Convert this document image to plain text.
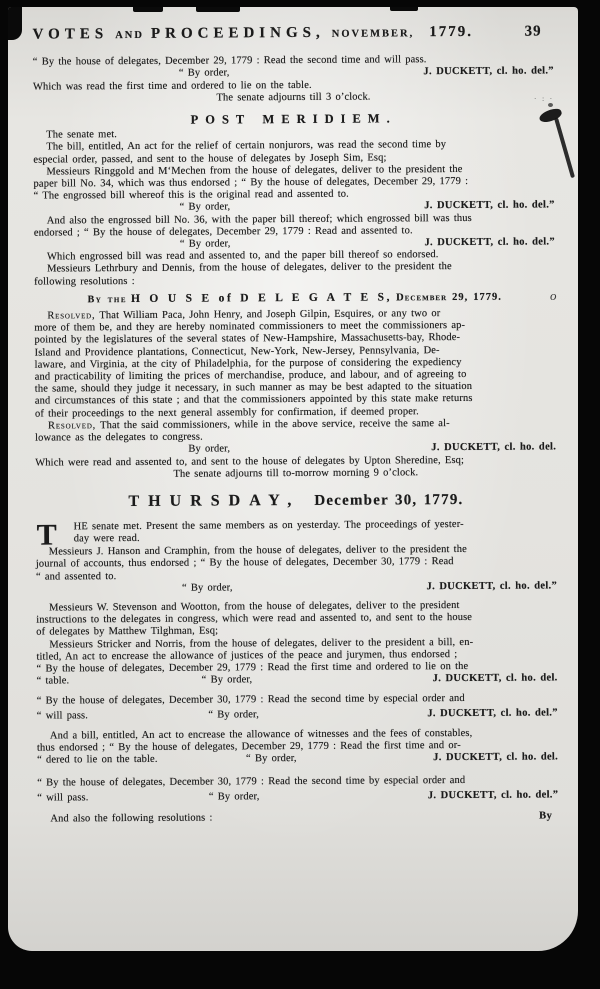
VOTES AND PROCEEDINGS, NOVEMBER, 1779.	39
“ By the house of delegates, December 29, 1779 : Read the second time and will pass.
“ By order,	J. DUCKETT, cl. ho. del.”
Which was read the first time and ordered to lie on the table.
The senate adjourns till 3 o’clock.
POST MERIDIEM.
The senate met.
The bill, entitled, An act for the relief of certain nonjurors, was read the second time by
especial order, passed, and sent to the house of delegates by Joseph Sim, Esq;
Messieurs Ringgold and M‘Mechen from the house of delegates, deliver to the president the
paper bill No. 34, which was thus endorsed ; “ By the house of delegates, December 29, 1779 :
“ The engrossed bill whereof this is the original read and assented to.
“ By order,	J. DUCKETT, cl. ho. del.”
And also the engrossed bill No. 36, with the paper bill thereof; which engrossed bill was thus
endorsed ; “ By the house of delegates, December 29, 1779 : Read and assented to.
“ By order,	J. DUCKETT, cl. ho. del.”
Which engrossed bill was read and assented to, and the paper bill thereof so endorsed.
Messieurs Lethrbury and Dennis, from the house of delegates, deliver to the president the
following resolutions :
By the H O U S E of D E L E G A T E S, December 29, 1779.
Resolved, That William Paca, John Henry, and Joseph Gilpin, Esquires, or any two or
more of them be, and they are hereby nominated commissioners to meet the commissioners ap-
pointed by the legislatures of the several states of New-Hampshire, Massachusetts-bay, Rhode-
Island and Providence plantations, Connecticut, New-York, New-Jersey, Pennsylvania, De-
laware, and Virginia, at the city of Philadelphia, for the purpose of considering the expediency
and practicability of limiting the prices of merchandise, produce, and labour, and of agreeing to
the same, should they judge it necessary, in such manner as may be best adapted to the situation
and circumstances of this state ; and that the commissioners appointed by this state make returns
of their proceedings to the next general assembly for confirmation, if deemed proper.
Resolved, That the said commissioners, while in the above service, receive the same al-
lowance as the delegates to congress.
By order,	J. DUCKETT, cl. ho. del.
Which were read and assented to, and sent to the house of delegates by Upton Sheredine, Esq;
The senate adjourns till to-morrow morning 9 o’clock.
THURSDAY, December 30, 1779.
T HE senate met. Present the same members as on yesterday. The proceedings of yester-
day were read.
Messieurs J. Hanson and Cramphin, from the house of delegates, deliver to the president the
journal of accounts, thus endorsed ; “ By the house of delegates, December 30, 1779 : Read
“ and assented to.
“ By order,	J. DUCKETT, cl. ho. del.”
Messieurs W. Stevenson and Wootton, from the house of delegates, deliver to the president
instructions to the delegates in congress, which were read and assented to, and sent to the house
of delegates by Matthew Tilghman, Esq;
Messieurs Stricker and Norris, from the house of delegates, deliver to the president a bill, en-
titled, An act to encrease the allowance of justices of the peace and jurymen, thus endorsed ;
“ By the house of delegates, December 29, 1779 : Read the first time and ordered to lie on the
“ table.	“ By order,	J. DUCKETT, cl. ho. del.
“ By the house of delegates, December 30, 1779 : Read the second time by especial order and
“ will pass.	“ By order,	J. DUCKETT, cl. ho. del.”
And a bill, entitled, An act to encrease the allowance of witnesses and the fees of constables,
thus endorsed ; “ By the house of delegates, December 29, 1779 : Read the first time and or-
“ dered to lie on the table.	“ By order,	J. DUCKETT, cl. ho. del.
“ By the house of delegates, December 30, 1779 : Read the second time by especial order and
“ will pass.	“ By order,	J. DUCKETT, cl. ho. del.”
And also the following resolutions :	By
· : ·
o
